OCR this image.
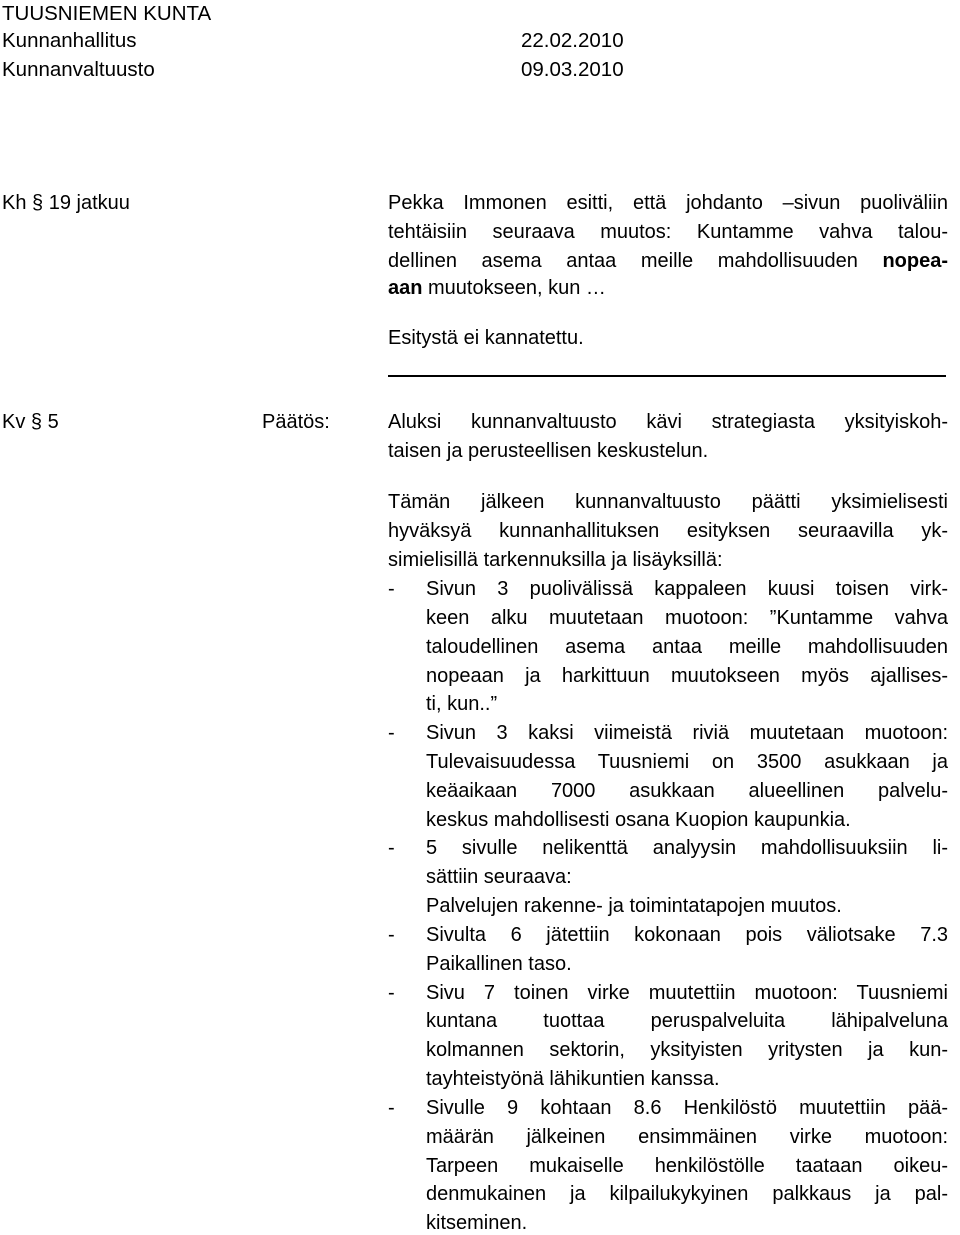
TUUSNIEMEN KUNTA
Kunnanhallitus	22.02.2010
Kunnanvaltuusto	09.03.2010
Kh § 19 jatkuu	Pekka Immonen esitti, että johdanto –sivun puoliväliin
tehtäisiin seuraava muutos: Kuntamme vahva talou-
dellinen asema antaa meille mahdollisuuden nopea-
aan muutokseen, kun …
Esitystä ei kannatettu.
Kv § 5	Päätös:	Aluksi kunnanvaltuusto kävi strategiasta yksityiskoh-
taisen ja perusteellisen keskustelun.
Tämän jälkeen kunnanvaltuusto päätti yksimielisesti
hyväksyä kunnanhallituksen esityksen seuraavilla yk-
simielisillä tarkennuksilla ja lisäyksillä:
- Sivun 3 puolivälissä kappaleen kuusi toisen virk-
keen alku muutetaan muotoon: ”Kuntamme vahva
taloudellinen asema antaa meille mahdollisuuden
nopeaan ja harkittuun muutokseen myös ajallises-
ti, kun..”
- Sivun 3 kaksi viimeistä riviä muutetaan muotoon:
Tulevaisuudessa Tuusniemi on 3500 asukkaan ja
keäaikaan 7000 asukkaan alueellinen palvelu-
keskus mahdollisesti osana Kuopion kaupunkia.
- 5 sivulle nelikenttä analyysin mahdollisuuksiin li-
sättiin seuraava:
Palvelujen rakenne- ja toimintatapojen muutos.
- Sivulta 6 jätettiin kokonaan pois väliotsake 7.3
Paikallinen taso.
- Sivu 7 toinen virke muutettiin muotoon: Tuusniemi
kuntana tuottaa peruspalveluita lähipalveluna
kolmannen sektorin, yksityisten yritysten ja kun-
tayhteistyönä lähikuntien kanssa.
- Sivulle 9 kohtaan 8.6 Henkilöstö muutettiin pää-
määrän jälkeinen ensimmäinen virke muotoon:
Tarpeen mukaiselle henkilöstölle taataan oikeu-
denmukainen ja kilpailukykyinen palkkaus ja pal-
kitseminen.
